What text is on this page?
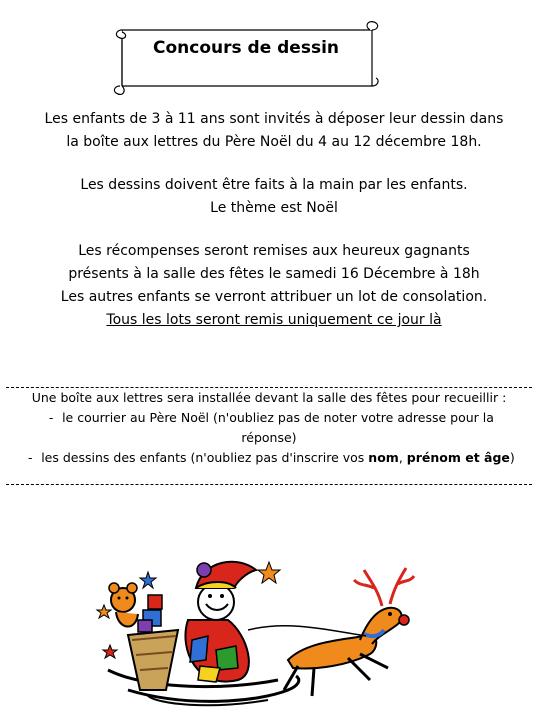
Concours de dessin
Les enfants de 3 à 11 ans sont invités à déposer leur dessin dans
la boîte aux lettres du Père Noël du 4 au 12 décembre 18h.
Les dessins doivent être faits à la main par les enfants.
Le thème est Noël
Les récompenses seront remises aux heureux gagnants
présents à la salle des fêtes le samedi 16 Décembre à 18h
Les autres enfants se verront attribuer un lot de consolation.
Tous les lots seront remis uniquement ce jour là
Une boîte aux lettres sera installée devant la salle des fêtes pour recueillir :
- le courrier au Père Noël (n'oubliez pas de noter votre adresse pour la
réponse)
- les dessins des enfants (n'oubliez pas d'inscrire vos nom, prénom et âge)
